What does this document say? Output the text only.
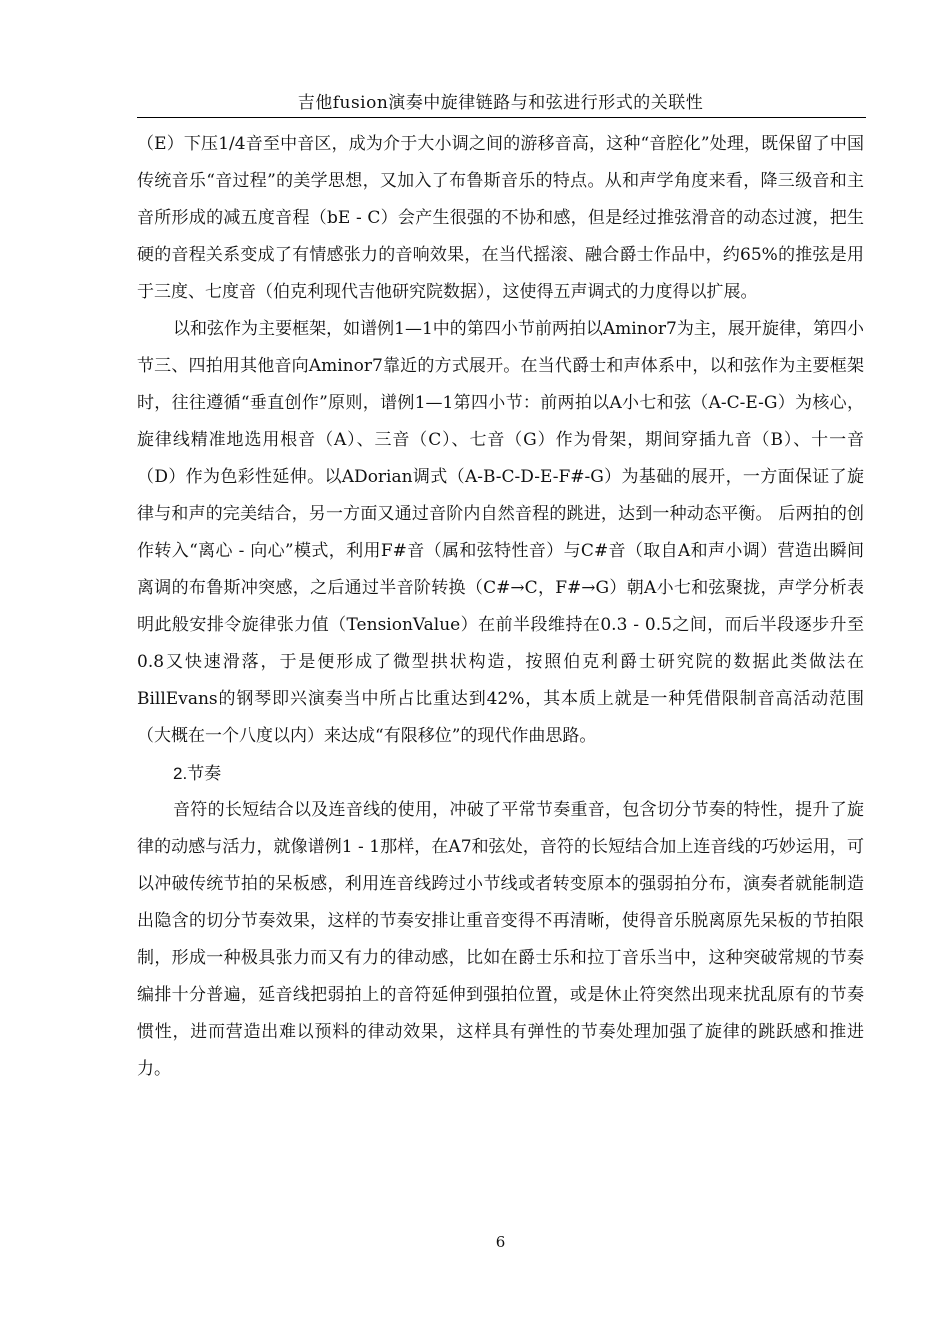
吉他fusion演奏中旋律链路与和弦进行形式的关联性

（E）下压1/4音至中音区，成为介于大小调之间的游移音高，这种“音腔化”处理，既保留了中国传统音乐“音过程”的美学思想，又加入了布鲁斯音乐的特点。从和声学角度来看，降三级音和主音所形成的减五度音程（bE - C）会产生很强的不协和感，但是经过推弦滑音的动态过渡，把生硬的音程关系变成了有情感张力的音响效果，在当代摇滚、融合爵士作品中，约65%的推弦是用于三度、七度音（伯克利现代吉他研究院数据），这使得五声调式的力度得以扩展。

以和弦作为主要框架，如谱例1—1中的第四小节前两拍以Aminor7为主，展开旋律，第四小节三、四拍用其他音向Aminor7靠近的方式展开。在当代爵士和声体系中，以和弦作为主要框架时，往往遵循“垂直创作”原则，谱例1—1第四小节：前两拍以A小七和弦（A-C-E-G）为核心，旋律线精准地选用根音（A）、三音（C）、七音（G）作为骨架，期间穿插九音（B）、十一音（D）作为色彩性延伸。以ADorian调式（A-B-C-D-E-F#-G）为基础的展开，一方面保证了旋律与和声的完美结合，另一方面又通过音阶内自然音程的跳进，达到一种动态平衡。 后两拍的创作转入“离心 - 向心”模式，利用F#音（属和弦特性音）与C#音（取自A和声小调）营造出瞬间离调的布鲁斯冲突感，之后通过半音阶转换（C#→C，F#→G）朝A小七和弦聚拢，声学分析表明此般安排令旋律张力值（TensionValue）在前半段维持在0.3 - 0.5之间，而后半段逐步升至0.8又快速滑落，于是便形成了微型拱状构造，按照伯克利爵士研究院的数据此类做法在BillEvans的钢琴即兴演奏当中所占比重达到42%，其本质上就是一种凭借限制音高活动范围（大概在一个八度以内）来达成“有限移位”的现代作曲思路。

2.节奏

音符的长短结合以及连音线的使用，冲破了平常节奏重音，包含切分节奏的特性，提升了旋律的动感与活力，就像谱例1 - 1那样，在A7和弦处，音符的长短结合加上连音线的巧妙运用，可以冲破传统节拍的呆板感，利用连音线跨过小节线或者转变原本的强弱拍分布，演奏者就能制造出隐含的切分节奏效果，这样的节奏安排让重音变得不再清晰，使得音乐脱离原先呆板的节拍限制，形成一种极具张力而又有力的律动感，比如在爵士乐和拉丁音乐当中，这种突破常规的节奏编排十分普遍，延音线把弱拍上的音符延伸到强拍位置，或是休止符突然出现来扰乱原有的节奏惯性，进而营造出难以预料的律动效果，这样具有弹性的节奏处理加强了旋律的跳跃感和推进力。

6
